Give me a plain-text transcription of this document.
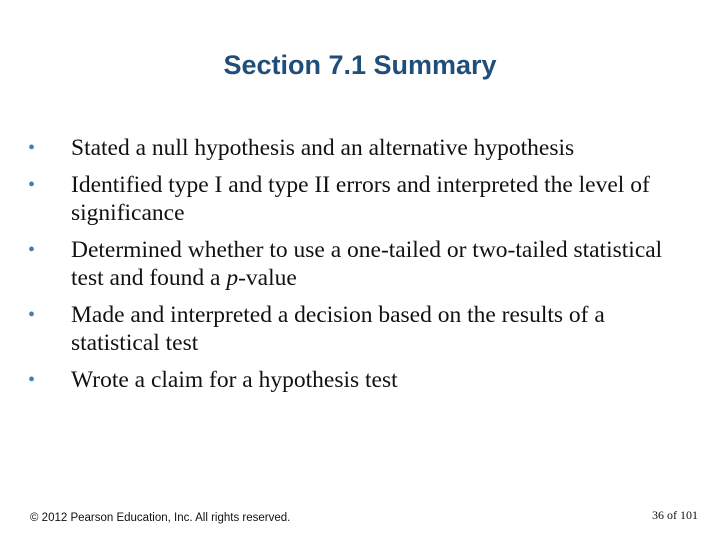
Section 7.1 Summary
• Stated a null hypothesis and an alternative hypothesis
• Identified type I and type II errors and interpreted the level of significance
• Determined whether to use a one-tailed or two-tailed statistical test and found a p-value
• Made and interpreted a decision based on the results of a statistical test
• Wrote a claim for a hypothesis test
© 2012 Pearson Education, Inc. All rights reserved.	36 of 101
